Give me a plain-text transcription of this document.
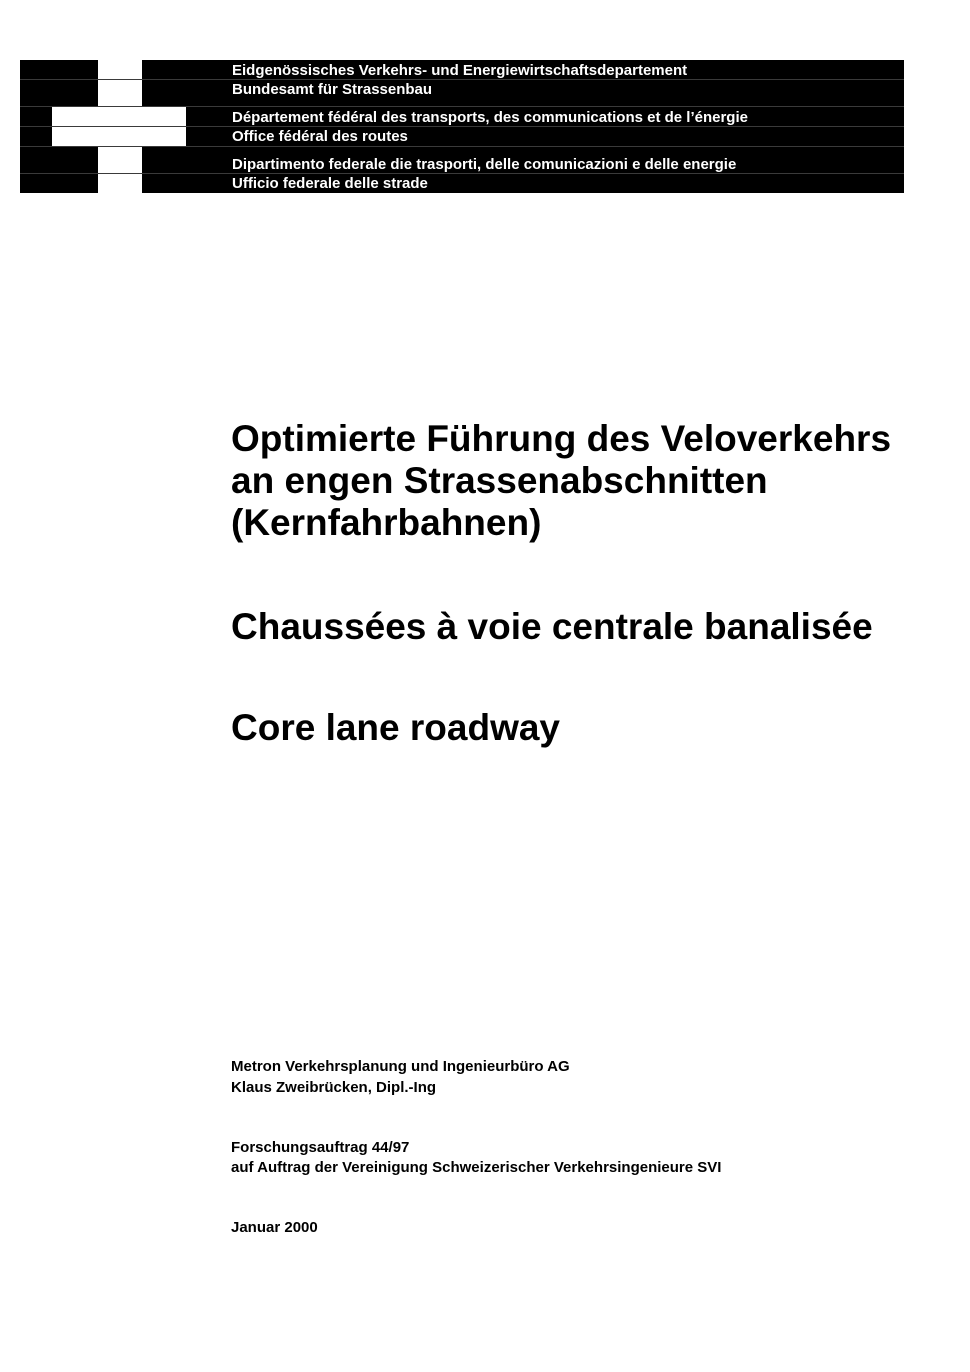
Eidgenössisches Verkehrs- und Energiewirtschaftsdepartement
Bundesamt für Strassenbau
Département fédéral des transports, des communications et de l’énergie
Office fédéral des routes
Dipartimento federale die trasporti, delle comunicazioni e delle energie
Ufficio federale delle strade
Optimierte Führung des Veloverkehrs
an engen Strassenabschnitten
(Kernfahrbahnen)
Chaussées à voie centrale banalisée
Core lane roadway
Metron Verkehrsplanung und Ingenieurbüro AG
Klaus Zweibrücken, Dipl.-Ing
Forschungsauftrag 44/97
auf Auftrag der Vereinigung Schweizerischer Verkehrsingenieure SVI
Januar 2000
